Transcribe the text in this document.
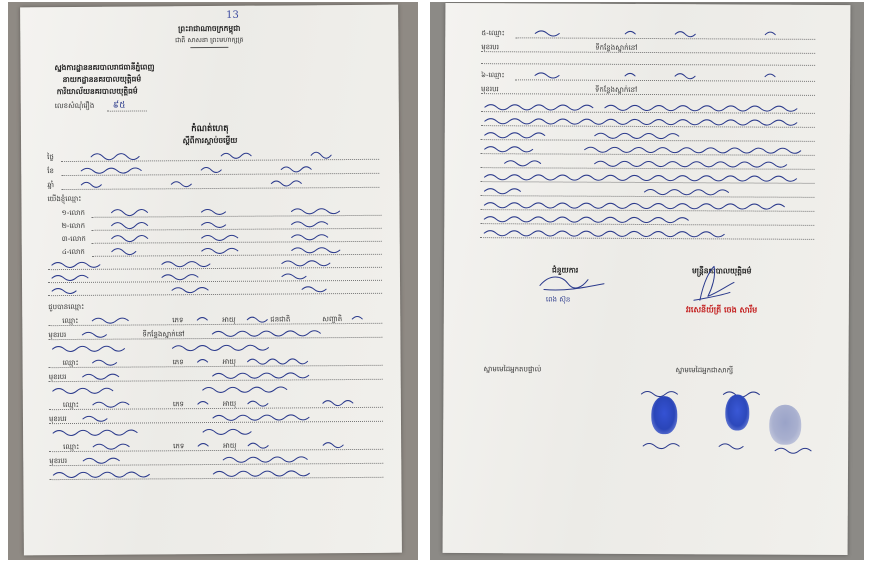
13
ព្រះរាជាណាចក្រកម្ពុជា
ជាតិ សាសនា ព្រះមហាក្សត្រ
ស្នងការដ្ឋាននគរបាលរាជធានីភ្នំពេញ
នាយកដ្ឋាននគរបាលយុត្តិធម៌
ការិយាល័យនគរបាលយុត្តិធម៌
លេខសំណុំរឿង ៩៥
កំណត់ហេតុ
ស្ដីពីការស្ដាប់ចម្លើយ
ថ្ងៃ
ខែ
ឆ្នាំ
យើងខ្ញុំឈ្មោះ
១-លោក
២-លោក
៣-លោក
៤-លោក
ជួបបានឈ្មោះ
ឈ្មោះ	ភេទ	អាយុ	ជនជាតិ	សញ្ជាតិ
មុខរបរ	ទីកន្លែងស្នាក់នៅ
ឈ្មោះ	ភេទ	អាយុ
មុខរបរ
ឈ្មោះ	ភេទ	អាយុ
មុខរបរ
ឈ្មោះ	ភេទ	អាយុ
មុខរបរ
៥-ឈ្មោះ
មុខរបរ	ទីកន្លែងស្នាក់នៅ
៦-ឈ្មោះ
មុខរបរ	ទីកន្លែងស្នាក់នៅ
ជំនួយការ	មន្ត្រីនគរបាលយុត្តិធម៌
ពេង ស៊ុន
វរសេនីយ៍ត្រី ចេង សារឹម
ស្នាមមេដៃអ្នកតបផ្ទាល់	ស្នាមមេដៃអ្នកជាសាក្សី
